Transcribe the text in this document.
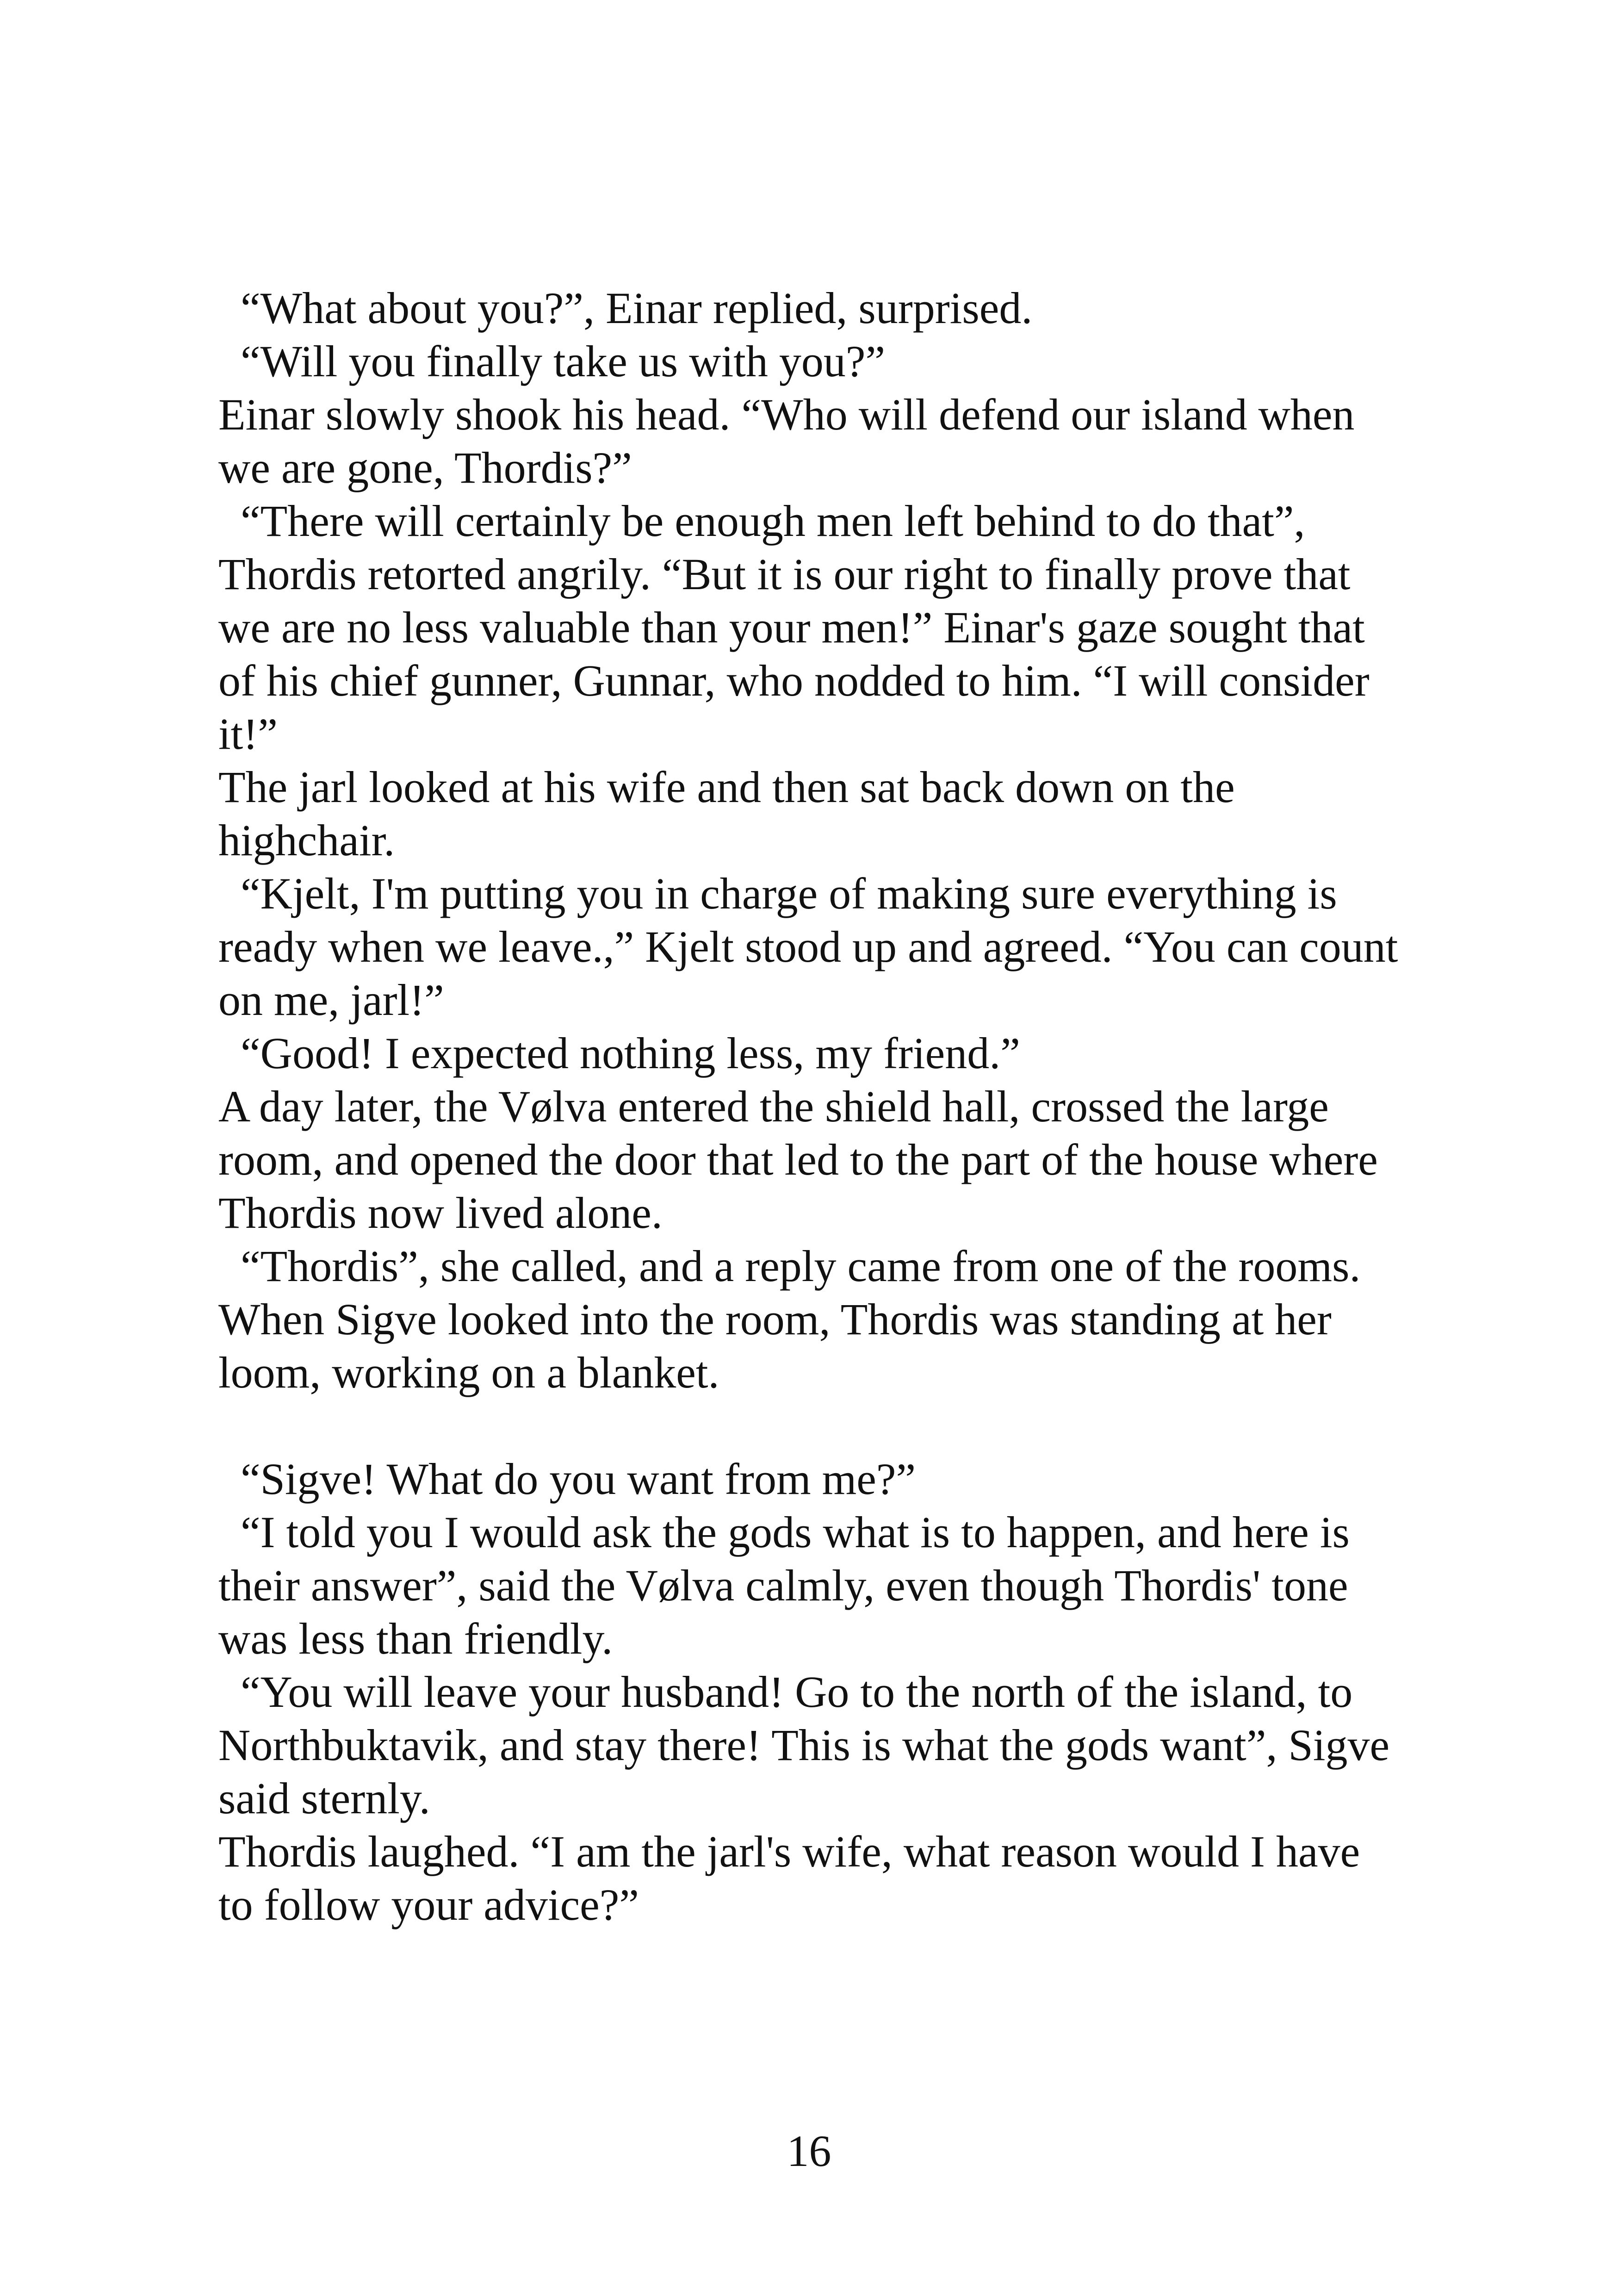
“What about you?”, Einar replied, surprised.

“Will you finally take us with you?”

Einar slowly shook his head. “Who will defend our island when we are gone, Thordis?”

“There will certainly be enough men left behind to do that”, Thordis retorted angrily. “But it is our right to finally prove that we are no less valuable than your men!” Einar's gaze sought that of his chief gunner, Gunnar, who nodded to him. “I will consider it!”

The jarl looked at his wife and then sat back down on the highchair.

“Kjelt, I'm putting you in charge of making sure everything is ready when we leave.,” Kjelt stood up and agreed. “You can count on me, jarl!”

“Good! I expected nothing less, my friend.”

A day later, the Vølva entered the shield hall, crossed the large room, and opened the door that led to the part of the house where Thordis now lived alone.

“Thordis”, she called, and a reply came from one of the rooms. When Sigve looked into the room, Thordis was standing at her loom, working on a blanket.

“Sigve! What do you want from me?”

“I told you I would ask the gods what is to happen, and here is their answer”, said the Vølva calmly, even though Thordis' tone was less than friendly.

“You will leave your husband! Go to the north of the island, to Northbuktavik, and stay there! This is what the gods want”, Sigve said sternly.

Thordis laughed. “I am the jarl's wife, what reason would I have to follow your advice?”

16
